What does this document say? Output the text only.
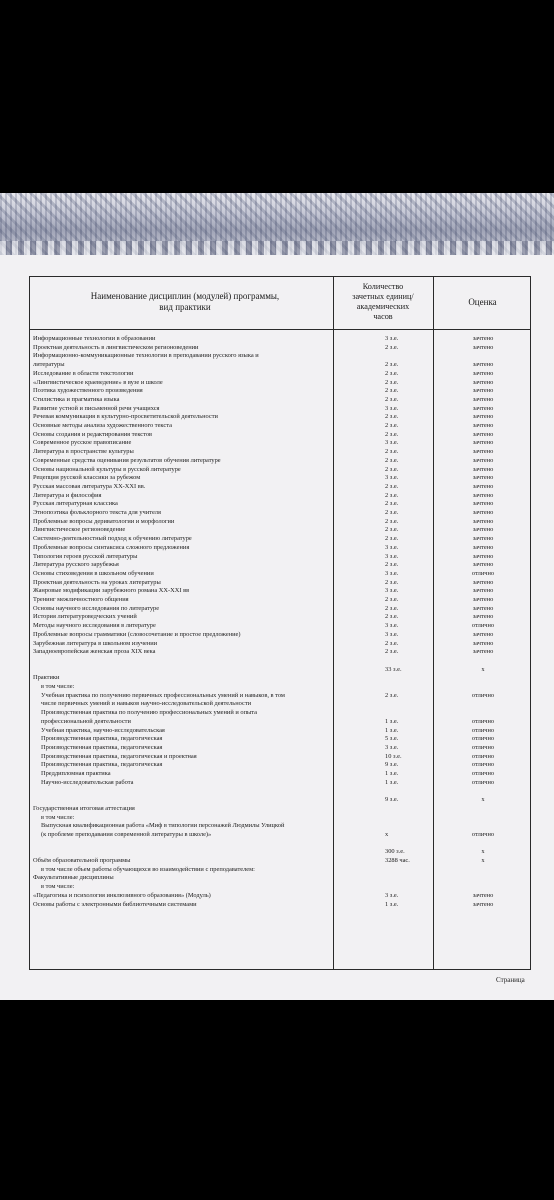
Наименование дисциплин (модулей) программы,
вид практики
Количество
зачетных единиц/
академических
часов
Оценка
Информационные технологии в образовании	3 з.е.	зачтено
Проектная деятельность в лингвистическом регионоведении	2 з.е.	зачтено
Информационно-коммуникационные технологии в преподавании русского языка и
литературы	2 з.е.	зачтено
Исследование в области текстологии	2 з.е.	зачтено
«Лингвистическое краеведение» в вузе и школе	2 з.е.	зачтено
Поэтика художественного произведения	2 з.е.	зачтено
Стилистика и прагматика языка	2 з.е.	зачтено
Развитие устной и письменной речи учащихся	3 з.е.	зачтено
Речевая коммуникация в культурно-просветительской деятельности	2 з.е.	зачтено
Основные методы анализа художественного текста	2 з.е.	зачтено
Основы создания и редактирования текстов	2 з.е.	зачтено
Современное русское правописание	3 з.е.	зачтено
Литература в пространстве культуры	2 з.е.	зачтено
Современные средства оценивания результатов обучения литературе	2 з.е.	зачтено
Основы национальной культуры в русской литературе	2 з.е.	зачтено
Рецепция русской классики за рубежом	3 з.е.	зачтено
Русская массовая литература XX-XXI вв.	2 з.е.	зачтено
Литература и философия	2 з.е.	зачтено
Русская литературная классика	2 з.е.	зачтено
Этнопоэтика фольклорного текста для учителя	2 з.е.	зачтено
Проблемные вопросы дериватологии и морфологии	2 з.е.	зачтено
Лингвистическое регионоведение	2 з.е.	зачтено
Системно-деятельностный подход к обучению литературе	2 з.е.	зачтено
Проблемные вопросы синтаксиса сложного предложения	3 з.е.	зачтено
Типология героев русской литературы	3 з.е.	зачтено
Литература русского зарубежья	2 з.е.	зачтено
Основы стиховедения в школьном обучении	3 з.е.	отлично
Проектная деятельность на уроках литературы	2 з.е.	зачтено
Жанровые модификации зарубежного романа XX-XXI вв	3 з.е.	зачтено
Тренинг межличностного общения	2 з.е.	зачтено
Основы научного исследования по литературе	2 з.е.	зачтено
История литературоведческих учений	2 з.е.	зачтено
Методы научного исследования в литературе	3 з.е.	отлично
Проблемные вопросы грамматики (словосочетание и простое предложение)	3 з.е.	зачтено
Зарубежная литература в школьном изучении	2 з.е.	зачтено
Западноевропейская женская проза XIX века	2 з.е.	зачтено
33 з.е.	x
Практики
в том числе:
Учебная практика по получению первичных профессиональных умений и навыков, в том	2 з.е.	отлично
числе первичных умений и навыков научно-исследовательской деятельности
Производственная практика по получению профессиональных умений и опыта
профессиональной деятельности	1 з.е.	отлично
Учебная практика, научно-исследовательская	1 з.е.	отлично
Производственная практика, педагогическая	5 з.е.	отлично
Производственная практика, педагогическая	3 з.е.	отлично
Производственная практика, педагогическая и проектная	10 з.е.	отлично
Производственная практика, педагогическая	9 з.е.	отлично
Преддипломная практика	1 з.е.	отлично
Научно-исследовательская работа	1 з.е.	отлично
9 з.е.	x
Государственная итоговая аттестация
в том числе:
Выпускная квалификационная работа «Миф в типологии персонажей Людмилы Улицкой
(к проблеме преподавания современной литературы в школе)»	x	отлично
300 з.е.	x
Объём образовательной программы	3288 час.	x
в том числе объем работы обучающихся во взаимодействии с преподавателем:
Факультативные дисциплины
в том числе:
«Педагогика и психология инклюзивного образования» (Модуль)	3 з.е.	зачтено
Основы работы с электронными библиотечными системами	1 з.е.	зачтено
Страница
